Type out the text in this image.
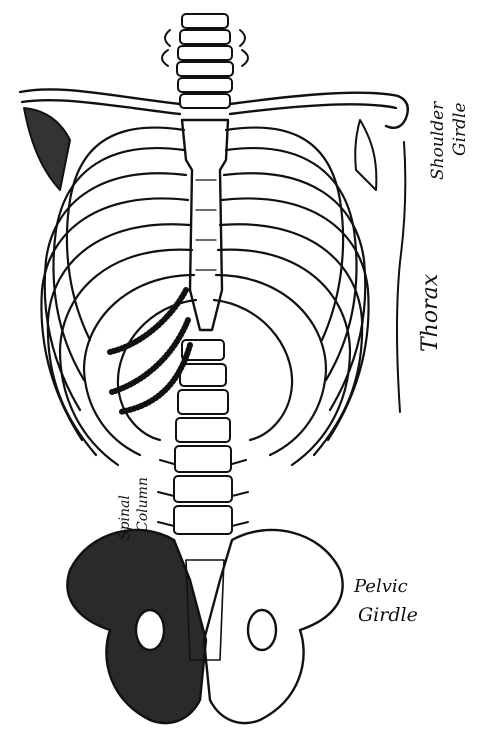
Shoulder Girdle
Thorax
Spinal Column
Pelvic
Girdle
